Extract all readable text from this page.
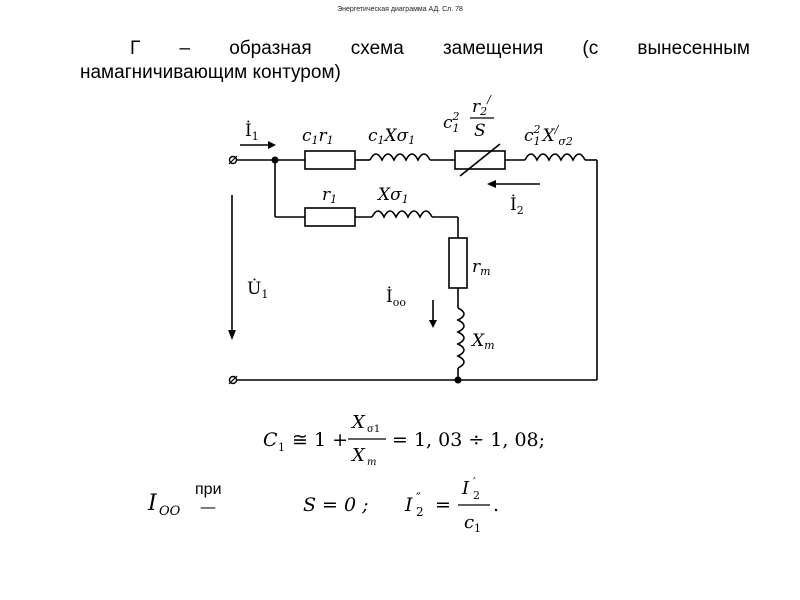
Энергетическая диаграмма АД. Сл. 78
Г – образная схема замещения (с вынесенным
намагничивающим контуром)
$İ_1$	c1r1 c1Xσ1
$c^2$ 1
r2/
S $c^2$ 1 $X^/_{\sigma 2}$
r1 Xσ1	$İ_2$
rm
Xm
$U̇_1$	$İ_{oo}$
C 1 ≅ 1 +
X σ1
X m
= 1, 03 ÷ 1, 08;
I OO —	S = 0 ; I ″
2 =
I ′
2
c 1
.
при
